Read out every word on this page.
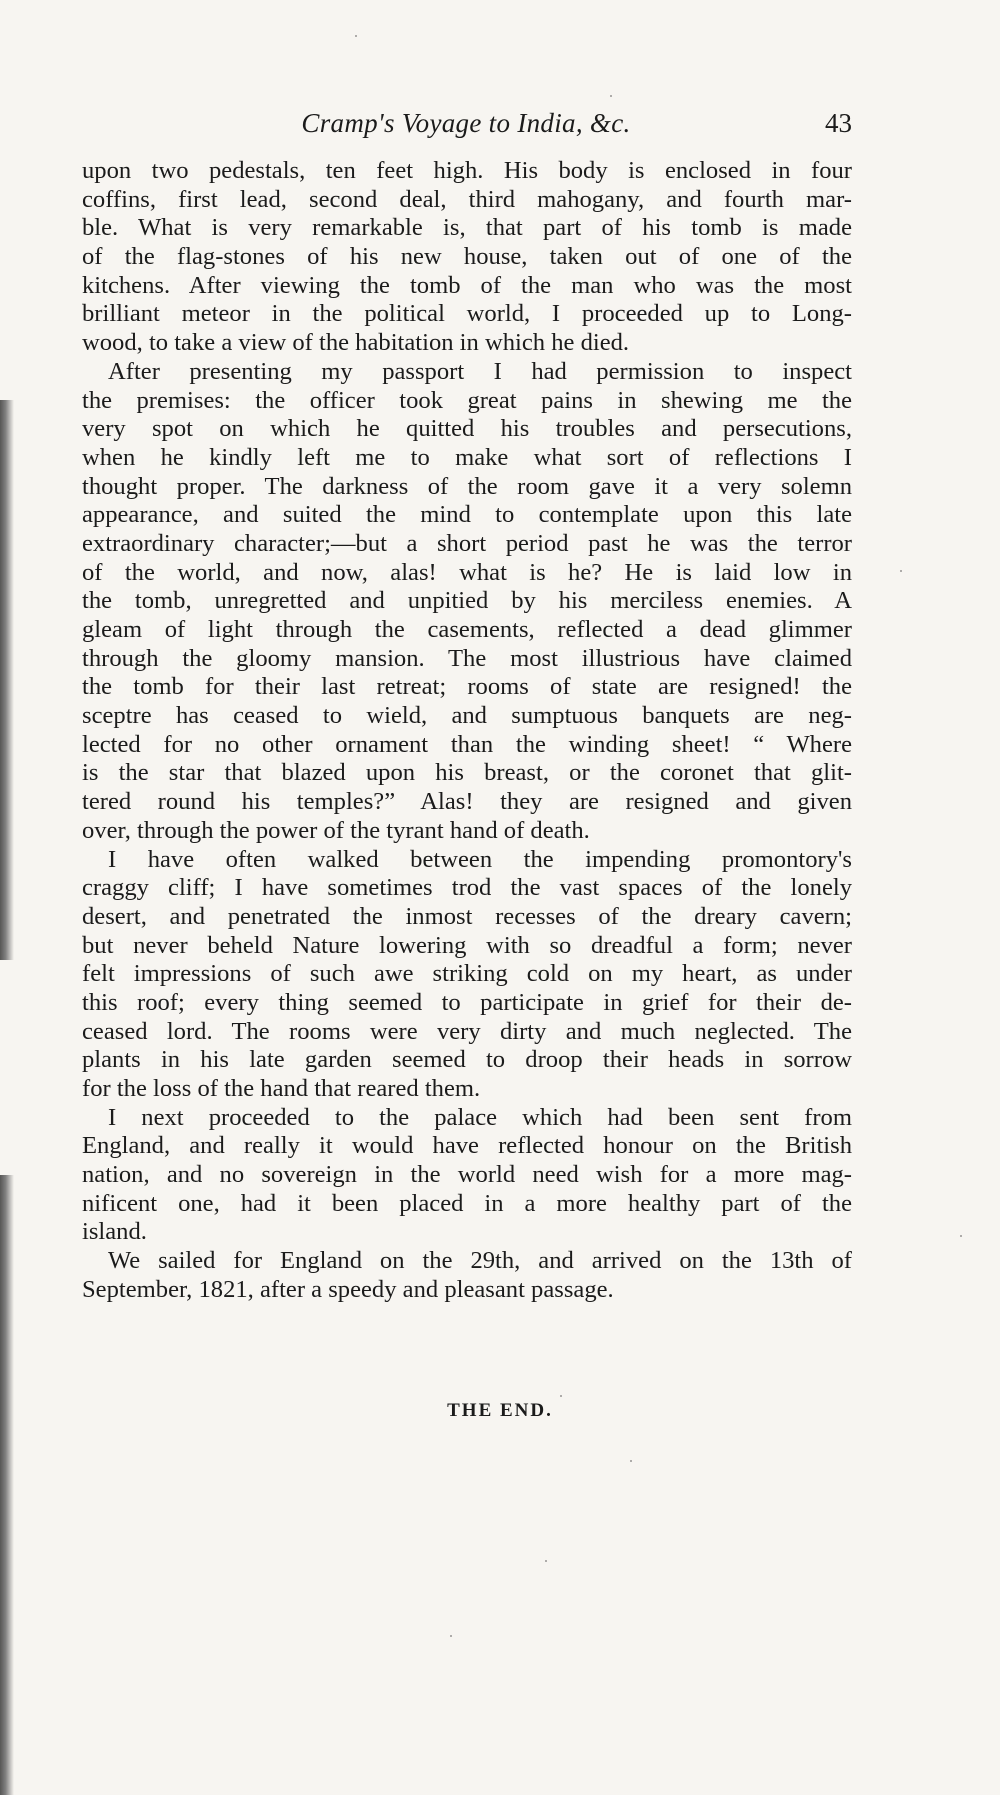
Cramp's Voyage to India, &c.	43
upon two pedestals, ten feet high. His body is enclosed in four
coffins, first lead, second deal, third mahogany, and fourth mar-
ble. What is very remarkable is, that part of his tomb is made
of the flag-stones of his new house, taken out of one of the
kitchens. After viewing the tomb of the man who was the most
brilliant meteor in the political world, I proceeded up to Long-
wood, to take a view of the habitation in which he died.
After presenting my passport I had permission to inspect
the premises: the officer took great pains in shewing me the
very spot on which he quitted his troubles and persecutions,
when he kindly left me to make what sort of reflections I
thought proper. The darkness of the room gave it a very solemn
appearance, and suited the mind to contemplate upon this late
extraordinary character;—but a short period past he was the terror
of the world, and now, alas! what is he? He is laid low in
the tomb, unregretted and unpitied by his merciless enemies. A
gleam of light through the casements, reflected a dead glimmer
through the gloomy mansion. The most illustrious have claimed
the tomb for their last retreat; rooms of state are resigned! the
sceptre has ceased to wield, and sumptuous banquets are neg-
lected for no other ornament than the winding sheet! “ Where
is the star that blazed upon his breast, or the coronet that glit-
tered round his temples?” Alas! they are resigned and given
over, through the power of the tyrant hand of death.
I have often walked between the impending promontory's
craggy cliff; I have sometimes trod the vast spaces of the lonely
desert, and penetrated the inmost recesses of the dreary cavern;
but never beheld Nature lowering with so dreadful a form; never
felt impressions of such awe striking cold on my heart, as under
this roof; every thing seemed to participate in grief for their de-
ceased lord. The rooms were very dirty and much neglected. The
plants in his late garden seemed to droop their heads in sorrow
for the loss of the hand that reared them.
I next proceeded to the palace which had been sent from
England, and really it would have reflected honour on the British
nation, and no sovereign in the world need wish for a more mag-
nificent one, had it been placed in a more healthy part of the
island.
We sailed for England on the 29th, and arrived on the 13th of
September, 1821, after a speedy and pleasant passage.
THE END.
